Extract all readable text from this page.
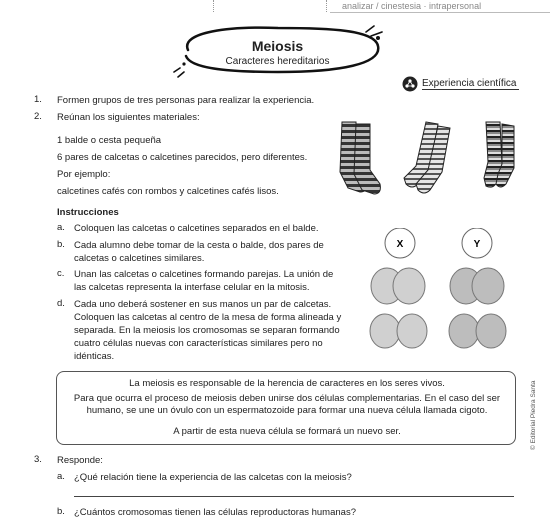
analizar / cinestesia · intrapersonal
Meiosis
Caracteres hereditarios
Experiencia científica
1. Formen grupos de tres personas para realizar la experiencia.
2. Reúnan los siguientes materiales:
1 balde o cesta pequeña
6 pares de calcetas o calcetines parecidos, pero diferentes.
Por ejemplo:
calcetines cafés con rombos y calcetines cafés lisos.
Instrucciones
a. Coloquen las calcetas o calcetines separados en el balde.
b. Cada alumno debe tomar de la cesta o balde, dos pares de calcetas o calcetines similares.
c. Unan las calcetas o calcetines formando parejas. La unión de las calcetas representa la interfase celular en la mitosis.
d. Cada uno deberá sostener en sus manos un par de calcetas. Coloquen las calcetas al centro de la mesa de forma alineada y separada. En la meiosis los cromosomas se separan formando cuatro células nuevas con características similares pero no idénticas.
X	Y

La meiosis es responsable de la herencia de caracteres en los seres vivos.

Para que ocurra el proceso de meiosis deben unirse dos células complementarias. En el caso del ser humano, se une un óvulo con un espermatozoide para formar una nueva célula llamada cigoto.

A partir de esta nueva célula se formará un nuevo ser.

3. Responde:
a. ¿Qué relación tiene la experiencia de las calcetas con la meiosis?
b. ¿Cuántos cromosomas tienen las células reproductoras humanas?
© Editorial Piedra Santa
